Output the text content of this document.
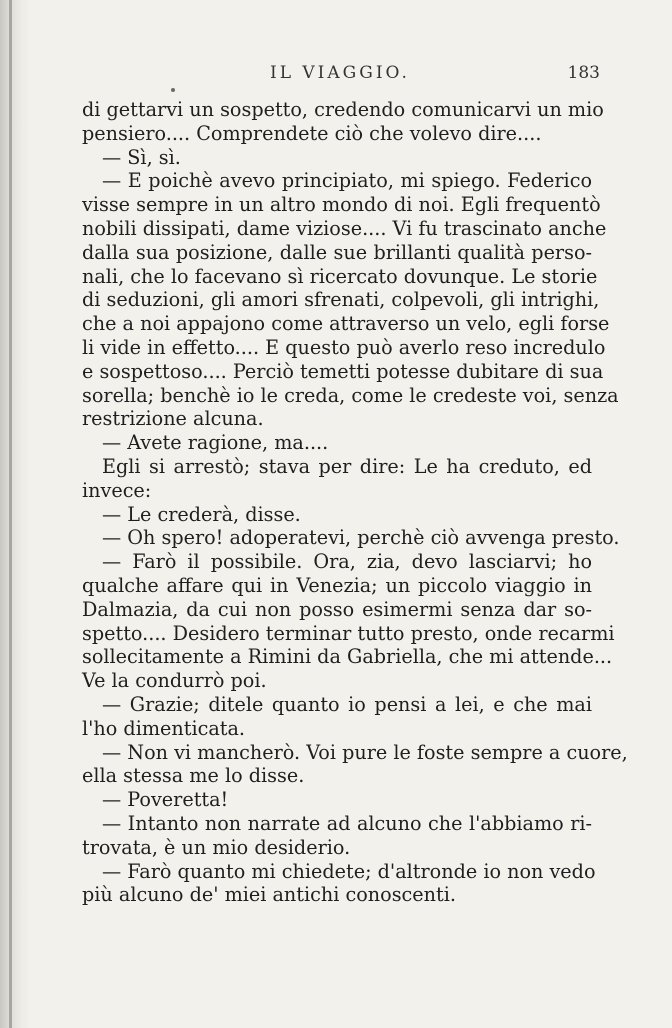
IL VIAGGIO.	183
di gettarvi un sospetto, credendo comunicarvi un mio
pensiero.... Comprendete ciò che volevo dire....
— Sì, sì.
— E poichè avevo principiato, mi spiego. Federico
visse sempre in un altro mondo di noi. Egli frequentò
nobili dissipati, dame viziose.... Vi fu trascinato anche
dalla sua posizione, dalle sue brillanti qualità perso-
nali, che lo facevano sì ricercato dovunque. Le storie
di seduzioni, gli amori sfrenati, colpevoli, gli intrighi,
che a noi appajono come attraverso un velo, egli forse
li vide in effetto.... E questo può averlo reso incredulo
e sospettoso.... Perciò temetti potesse dubitare di sua
sorella; benchè io le creda, come le credeste voi, senza
restrizione alcuna.
— Avete ragione, ma....
Egli si arrestò; stava per dire: Le ha creduto, ed
invece:
— Le crederà, disse.
— Oh spero! adoperatevi, perchè ciò avvenga presto.
— Farò il possibile. Ora, zia, devo lasciarvi; ho
qualche affare qui in Venezia; un piccolo viaggio in
Dalmazia, da cui non posso esimermi senza dar so-
spetto.... Desidero terminar tutto presto, onde recarmi
sollecitamente a Rimini da Gabriella, che mi attende...
Ve la condurrò poi.
— Grazie; ditele quanto io pensi a lei, e che mai
l'ho dimenticata.
— Non vi mancherò. Voi pure le foste sempre a cuore,
ella stessa me lo disse.
— Poveretta!
— Intanto non narrate ad alcuno che l'abbiamo ri-
trovata, è un mio desiderio.
— Farò quanto mi chiedete; d'altronde io non vedo
più alcuno de' miei antichi conoscenti.
